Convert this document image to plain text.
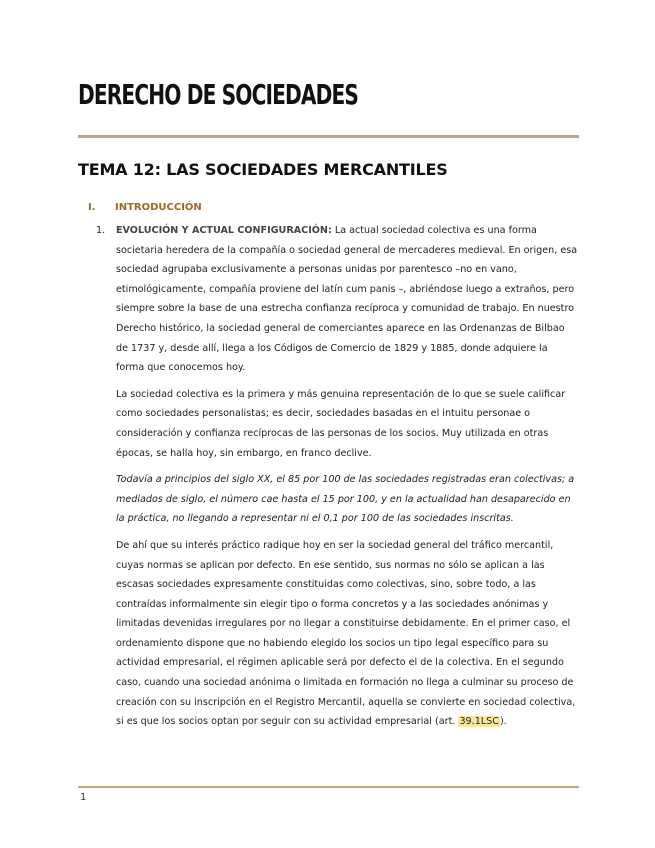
DERECHO DE SOCIEDADES
TEMA 12: LAS SOCIEDADES MERCANTILES
I. INTRODUCCIÓN
1.	EVOLUCIÓN Y ACTUAL CONFIGURACIÓN: La actual sociedad colectiva es una forma societaria heredera de la compañía o sociedad general de mercaderes medieval. En origen, esa sociedad agrupaba exclusivamente a personas unidas por parentesco –no en vano, etimológicamente, compañía proviene del latín cum panis –, abriéndose luego a extraños, pero siempre sobre la base de una estrecha confianza recíproca y comunidad de trabajo. En nuestro Derecho histórico, la sociedad general de comerciantes aparece en las Ordenanzas de Bilbao de 1737 y, desde allí, llega a los Códigos de Comercio de 1829 y 1885, donde adquiere la forma que conocemos hoy.

La sociedad colectiva es la primera y más genuina representación de lo que se suele calificar como sociedades personalistas; es decir, sociedades basadas en el intuitu personae o consideración y confianza recíprocas de las personas de los socios. Muy utilizada en otras épocas, se halla hoy, sin embargo, en franco declive.

Todavía a principios del siglo XX, el 85 por 100 de las sociedades registradas eran colectivas; a mediados de siglo, el número cae hasta el 15 por 100, y en la actualidad han desaparecido en la práctica, no llegando a representar ni el 0,1 por 100 de las sociedades inscritas.

De ahí que su interés práctico radique hoy en ser la sociedad general del tráfico mercantil, cuyas normas se aplican por defecto. En ese sentido, sus normas no sólo se aplican a las escasas sociedades expresamente constituidas como colectivas, sino, sobre todo, a las contraídas informalmente sin elegir tipo o forma concretos y a las sociedades anónimas y limitadas devenidas irregulares por no llegar a constituirse debidamente. En el primer caso, el ordenamiento dispone que no habiendo elegido los socios un tipo legal específico para su actividad empresarial, el régimen aplicable será por defecto el de la colectiva. En el segundo caso, cuando una sociedad anónima o limitada en formación no llega a culminar su proceso de creación con su inscripción en el Registro Mercantil, aquella se convierte en sociedad colectiva, si es que los socios optan por seguir con su actividad empresarial (art. 39.1LSC).

1
